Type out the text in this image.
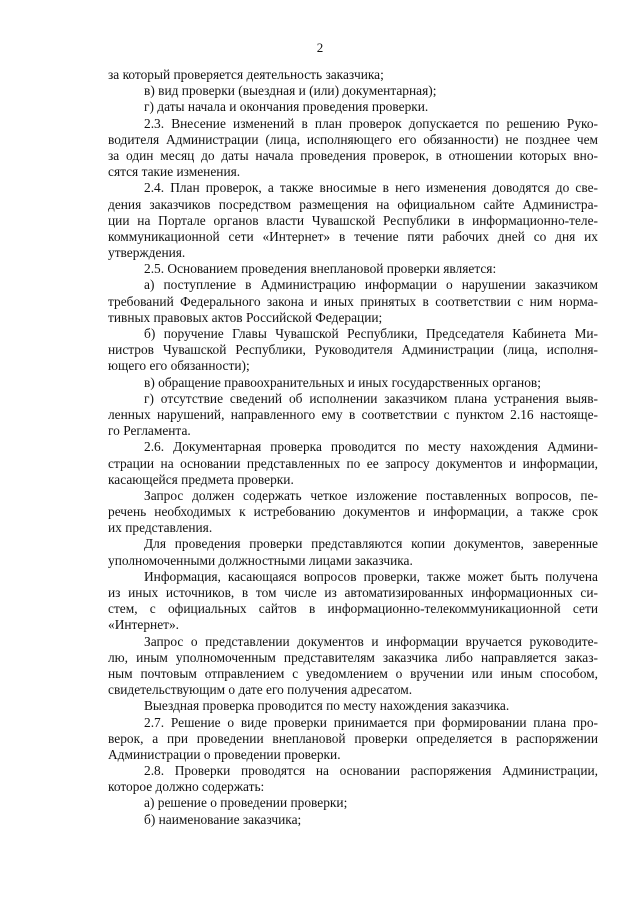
2
за который проверяется деятельность заказчика;
в) вид проверки (выездная и (или) документарная);
г) даты начала и окончания проведения проверки.
2.3. Внесение изменений в план проверок допускается по решению Руко-
водителя Администрации (лица, исполняющего его обязанности) не позднее чем
за один месяц до даты начала проведения проверок, в отношении которых вно-
сятся такие изменения.
2.4. План проверок, а также вносимые в него изменения доводятся до све-
дения заказчиков посредством размещения на официальном сайте Администра-
ции на Портале органов власти Чувашской Республики в информационно-теле-
коммуникационной сети «Интернет» в течение пяти рабочих дней со дня их
утверждения.
2.5. Основанием проведения внеплановой проверки является:
а) поступление в Администрацию информации о нарушении заказчиком
требований Федерального закона и иных принятых в соответствии с ним норма-
тивных правовых актов Российской Федерации;
б) поручение Главы Чувашской Республики, Председателя Кабинета Ми-
нистров Чувашской Республики, Руководителя Администрации (лица, исполня-
ющего его обязанности);
в) обращение правоохранительных и иных государственных органов;
г) отсутствие сведений об исполнении заказчиком плана устранения выяв-
ленных нарушений, направленного ему в соответствии с пунктом 2.16 настояще-
го Регламента.
2.6. Документарная проверка проводится по месту нахождения Админи-
страции на основании представленных по ее запросу документов и информации,
касающейся предмета проверки.
Запрос должен содержать четкое изложение поставленных вопросов, пе-
речень необходимых к истребованию документов и информации, а также срок
их представления.
Для проведения проверки представляются копии документов, заверенные
уполномоченными должностными лицами заказчика.
Информация, касающаяся вопросов проверки, также может быть получена
из иных источников, в том числе из автоматизированных информационных си-
стем, с официальных сайтов в информационно-телекоммуникационной сети
«Интернет».
Запрос о представлении документов и информации вручается руководите-
лю, иным уполномоченным представителям заказчика либо направляется заказ-
ным почтовым отправлением с уведомлением о вручении или иным способом,
свидетельствующим о дате его получения адресатом.
Выездная проверка проводится по месту нахождения заказчика.
2.7. Решение о виде проверки принимается при формировании плана про-
верок, а при проведении внеплановой проверки определяется в распоряжении
Администрации о проведении проверки.
2.8. Проверки проводятся на основании распоряжения Администрации,
которое должно содержать:
а) решение о проведении проверки;
б) наименование заказчика;
